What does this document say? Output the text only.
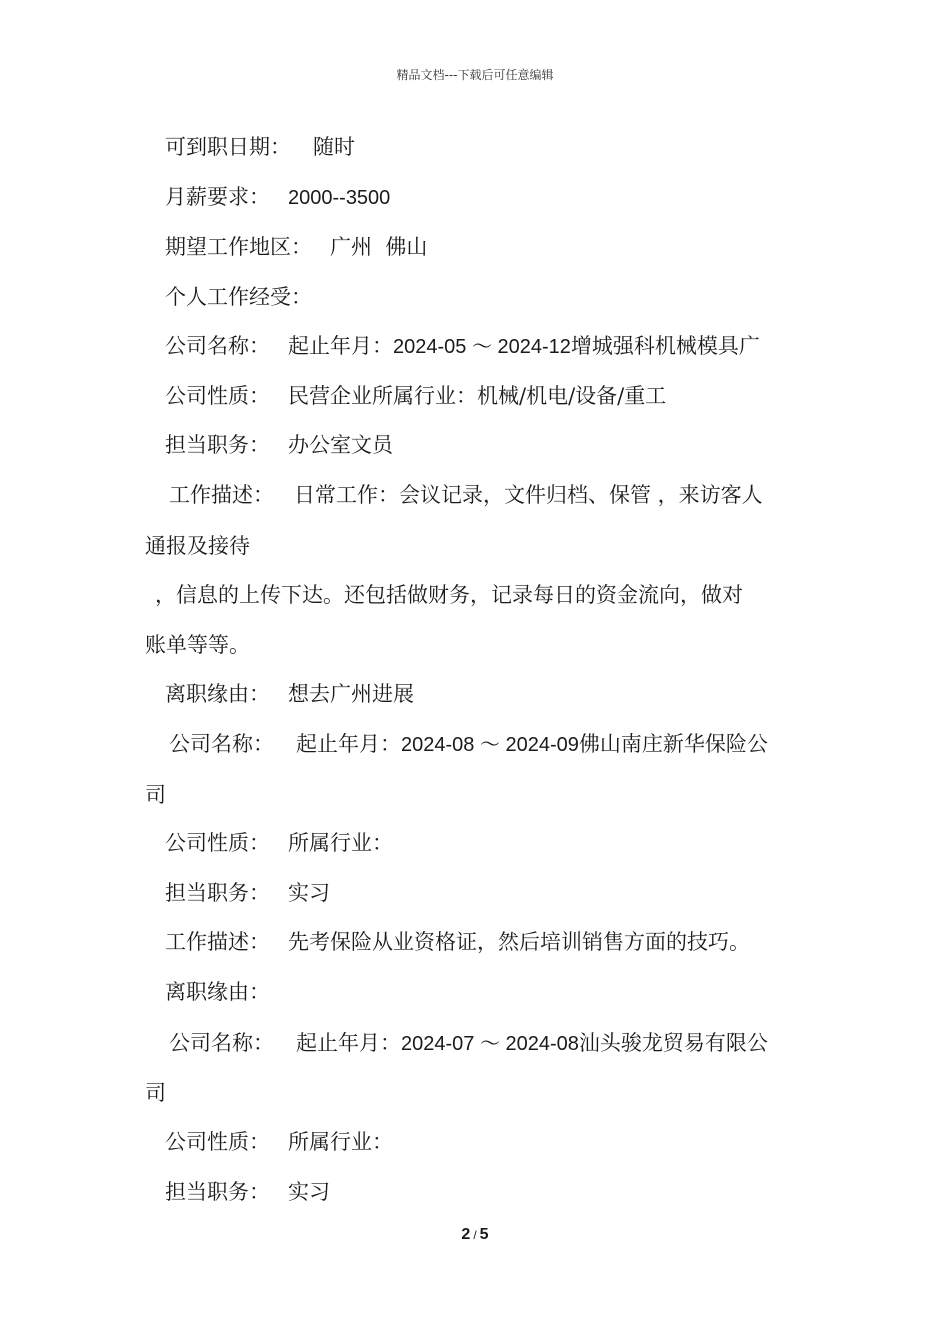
精品文档---下载后可任意编辑
可到职日期： 随时
月薪要求： 2000--3500
期望工作地区： 广州  佛山
个人工作经受：
公司名称： 起止年月：2024-05 ～ 2024-12增城强科机械模具广
公司性质： 民营企业所属行业：机械/机电/设备/重工
担当职务： 办公室文员
工作描述： 日常工作：会议记录，文件归档、保管 ，来访客人
通报及接待
，信息的上传下达。还包括做财务，记录每日的资金流向，做对
账单等等。
离职缘由： 想去广州进展
公司名称： 起止年月：2024-08 ～ 2024-09佛山南庄新华保险公
司
公司性质： 所属行业：
担当职务： 实习
工作描述： 先考保险从业资格证，然后培训销售方面的技巧。
离职缘由：
公司名称： 起止年月：2024-07 ～ 2024-08汕头骏龙贸易有限公
司
公司性质： 所属行业：
担当职务： 实习
2 / 5
